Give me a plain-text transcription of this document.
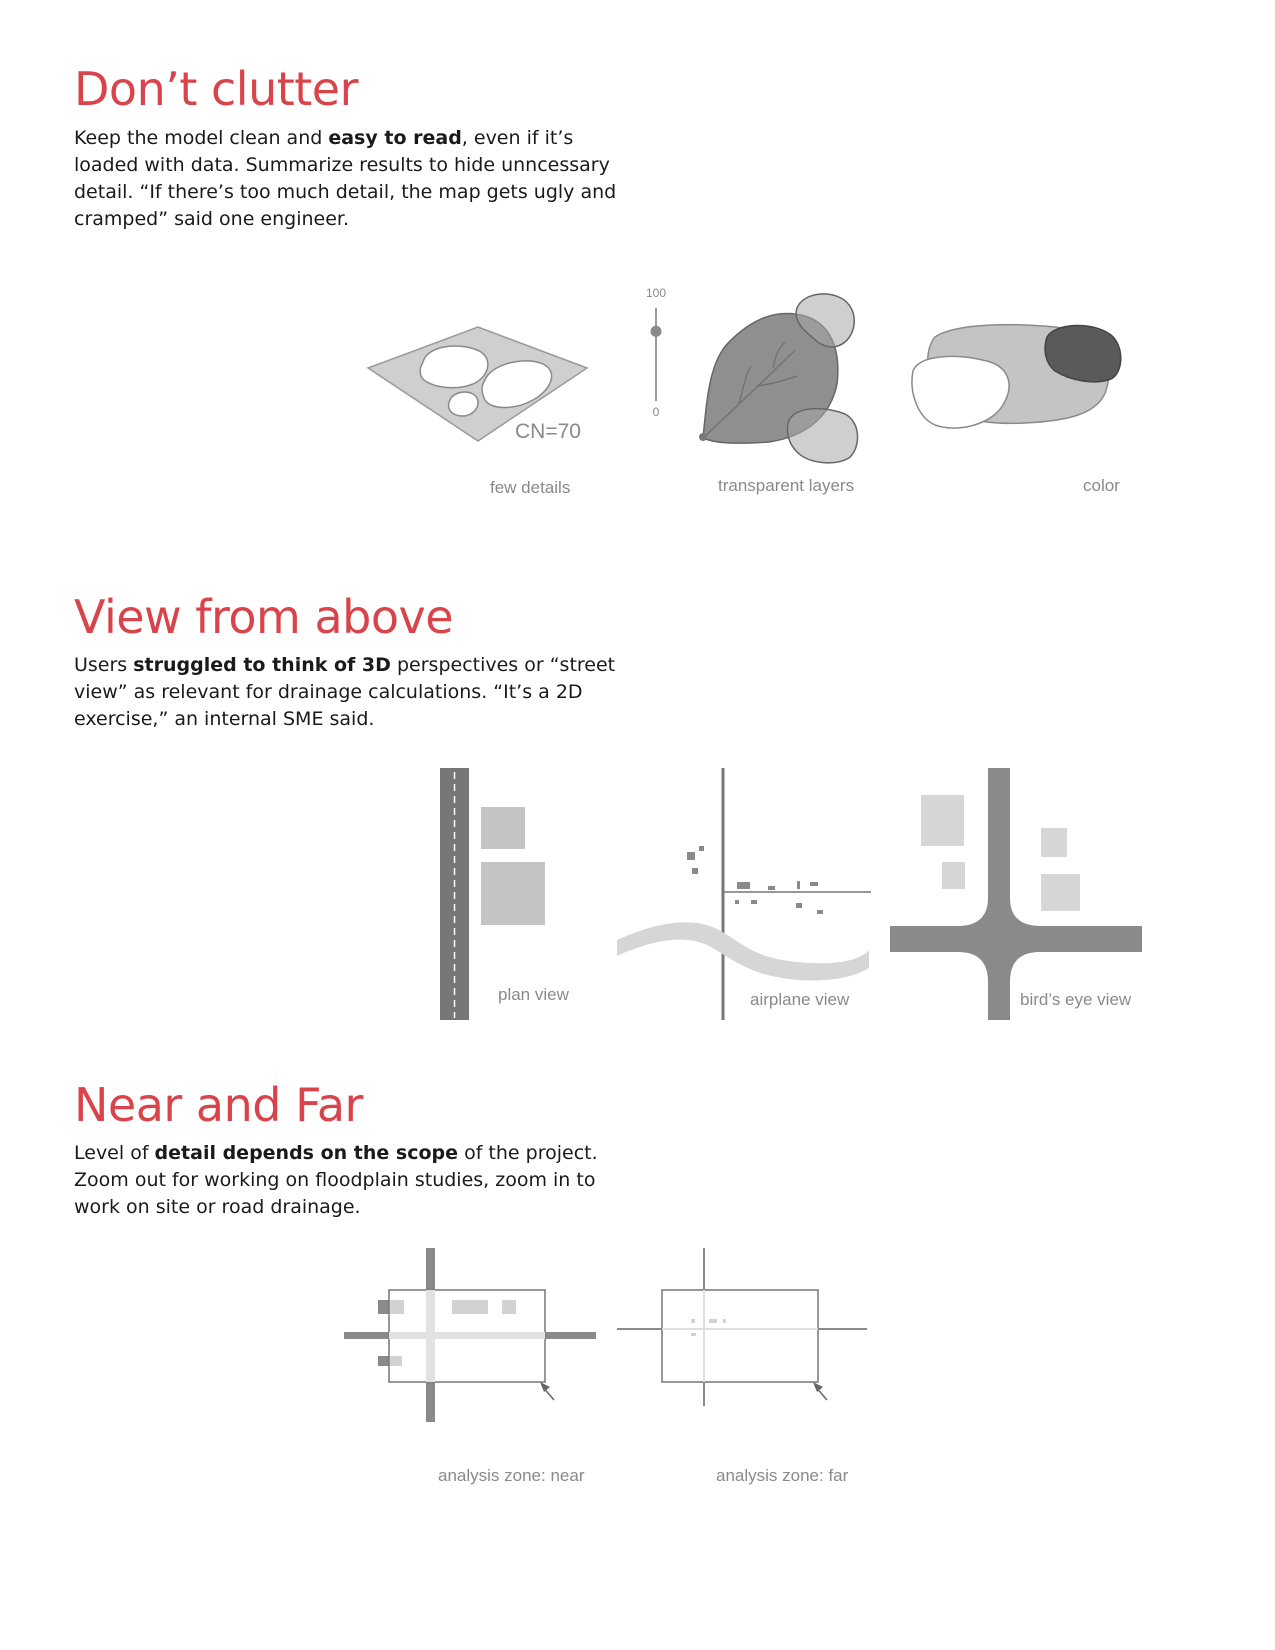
Don’t clutter

Keep the model clean and easy to read, even if it’s loaded with data. Summarize results to hide unncessary detail. “If there’s too much detail, the map gets ugly and cramped” said one engineer.

CN=70

few details

100
0

transparent layers	color

View from above

Users struggled to think of 3D perspectives or “street view” as relevant for drainage calculations. “It’s a 2D exercise,” an internal SME said.

plan view	airplane view	bird’s eye view

Near and Far

Level of detail depends on the scope of the project. Zoom out for working on floodplain studies, zoom in to work on site or road drainage.

analysis zone: near	analysis zone: far
